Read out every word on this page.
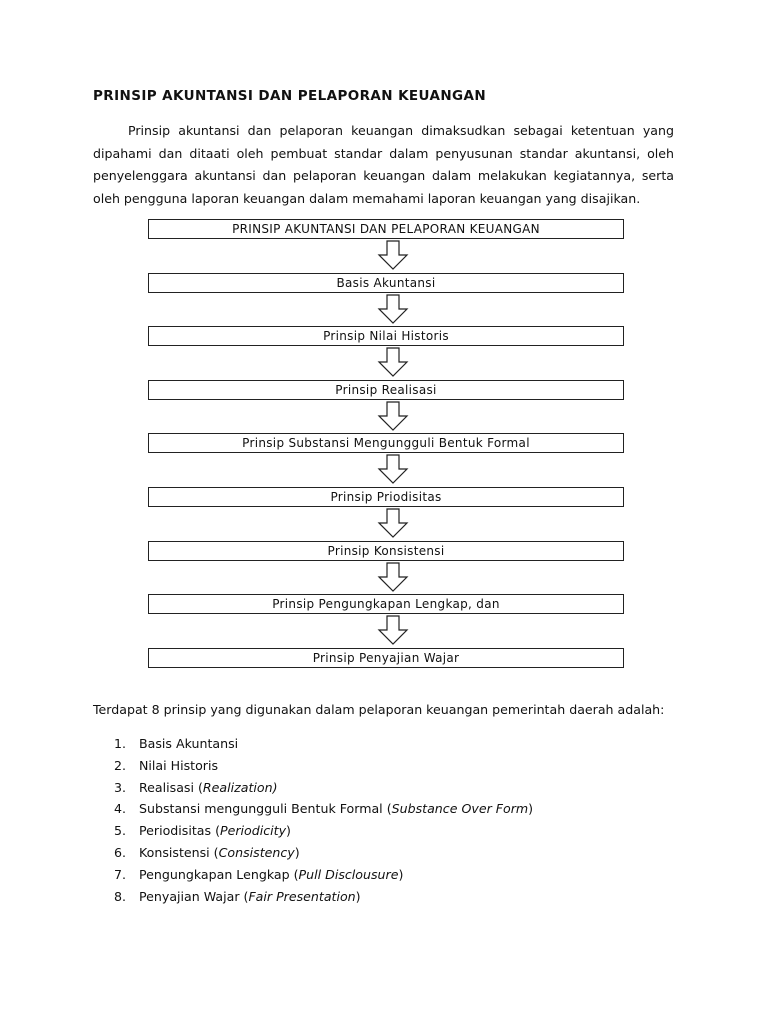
PRINSIP AKUNTANSI DAN PELAPORAN KEUANGAN

Prinsip akuntansi dan pelaporan keuangan dimaksudkan sebagai ketentuan yang dipahami dan ditaati oleh pembuat standar dalam penyusunan standar akuntansi, oleh penyelenggara akuntansi dan pelaporan keuangan dalam melakukan kegiatannya, serta oleh pengguna laporan keuangan dalam memahami laporan keuangan yang disajikan.

PRINSIP AKUNTANSI DAN PELAPORAN KEUANGAN
Basis Akuntansi
Prinsip Nilai Historis
Prinsip Realisasi
Prinsip Substansi Mengungguli Bentuk Formal
Prinsip Priodisitas
Prinsip Konsistensi
Prinsip Pengungkapan Lengkap, dan
Prinsip Penyajian Wajar

Terdapat 8 prinsip yang digunakan dalam pelaporan keuangan pemerintah daerah adalah:

1. Basis Akuntansi
2. Nilai Historis
3. Realisasi (Realization)
4. Substansi mengungguli Bentuk Formal (Substance Over Form)
5. Periodisitas (Periodicity)
6. Konsistensi (Consistency)
7. Pengungkapan Lengkap (Pull Disclousure)
8. Penyajian Wajar (Fair Presentation)
